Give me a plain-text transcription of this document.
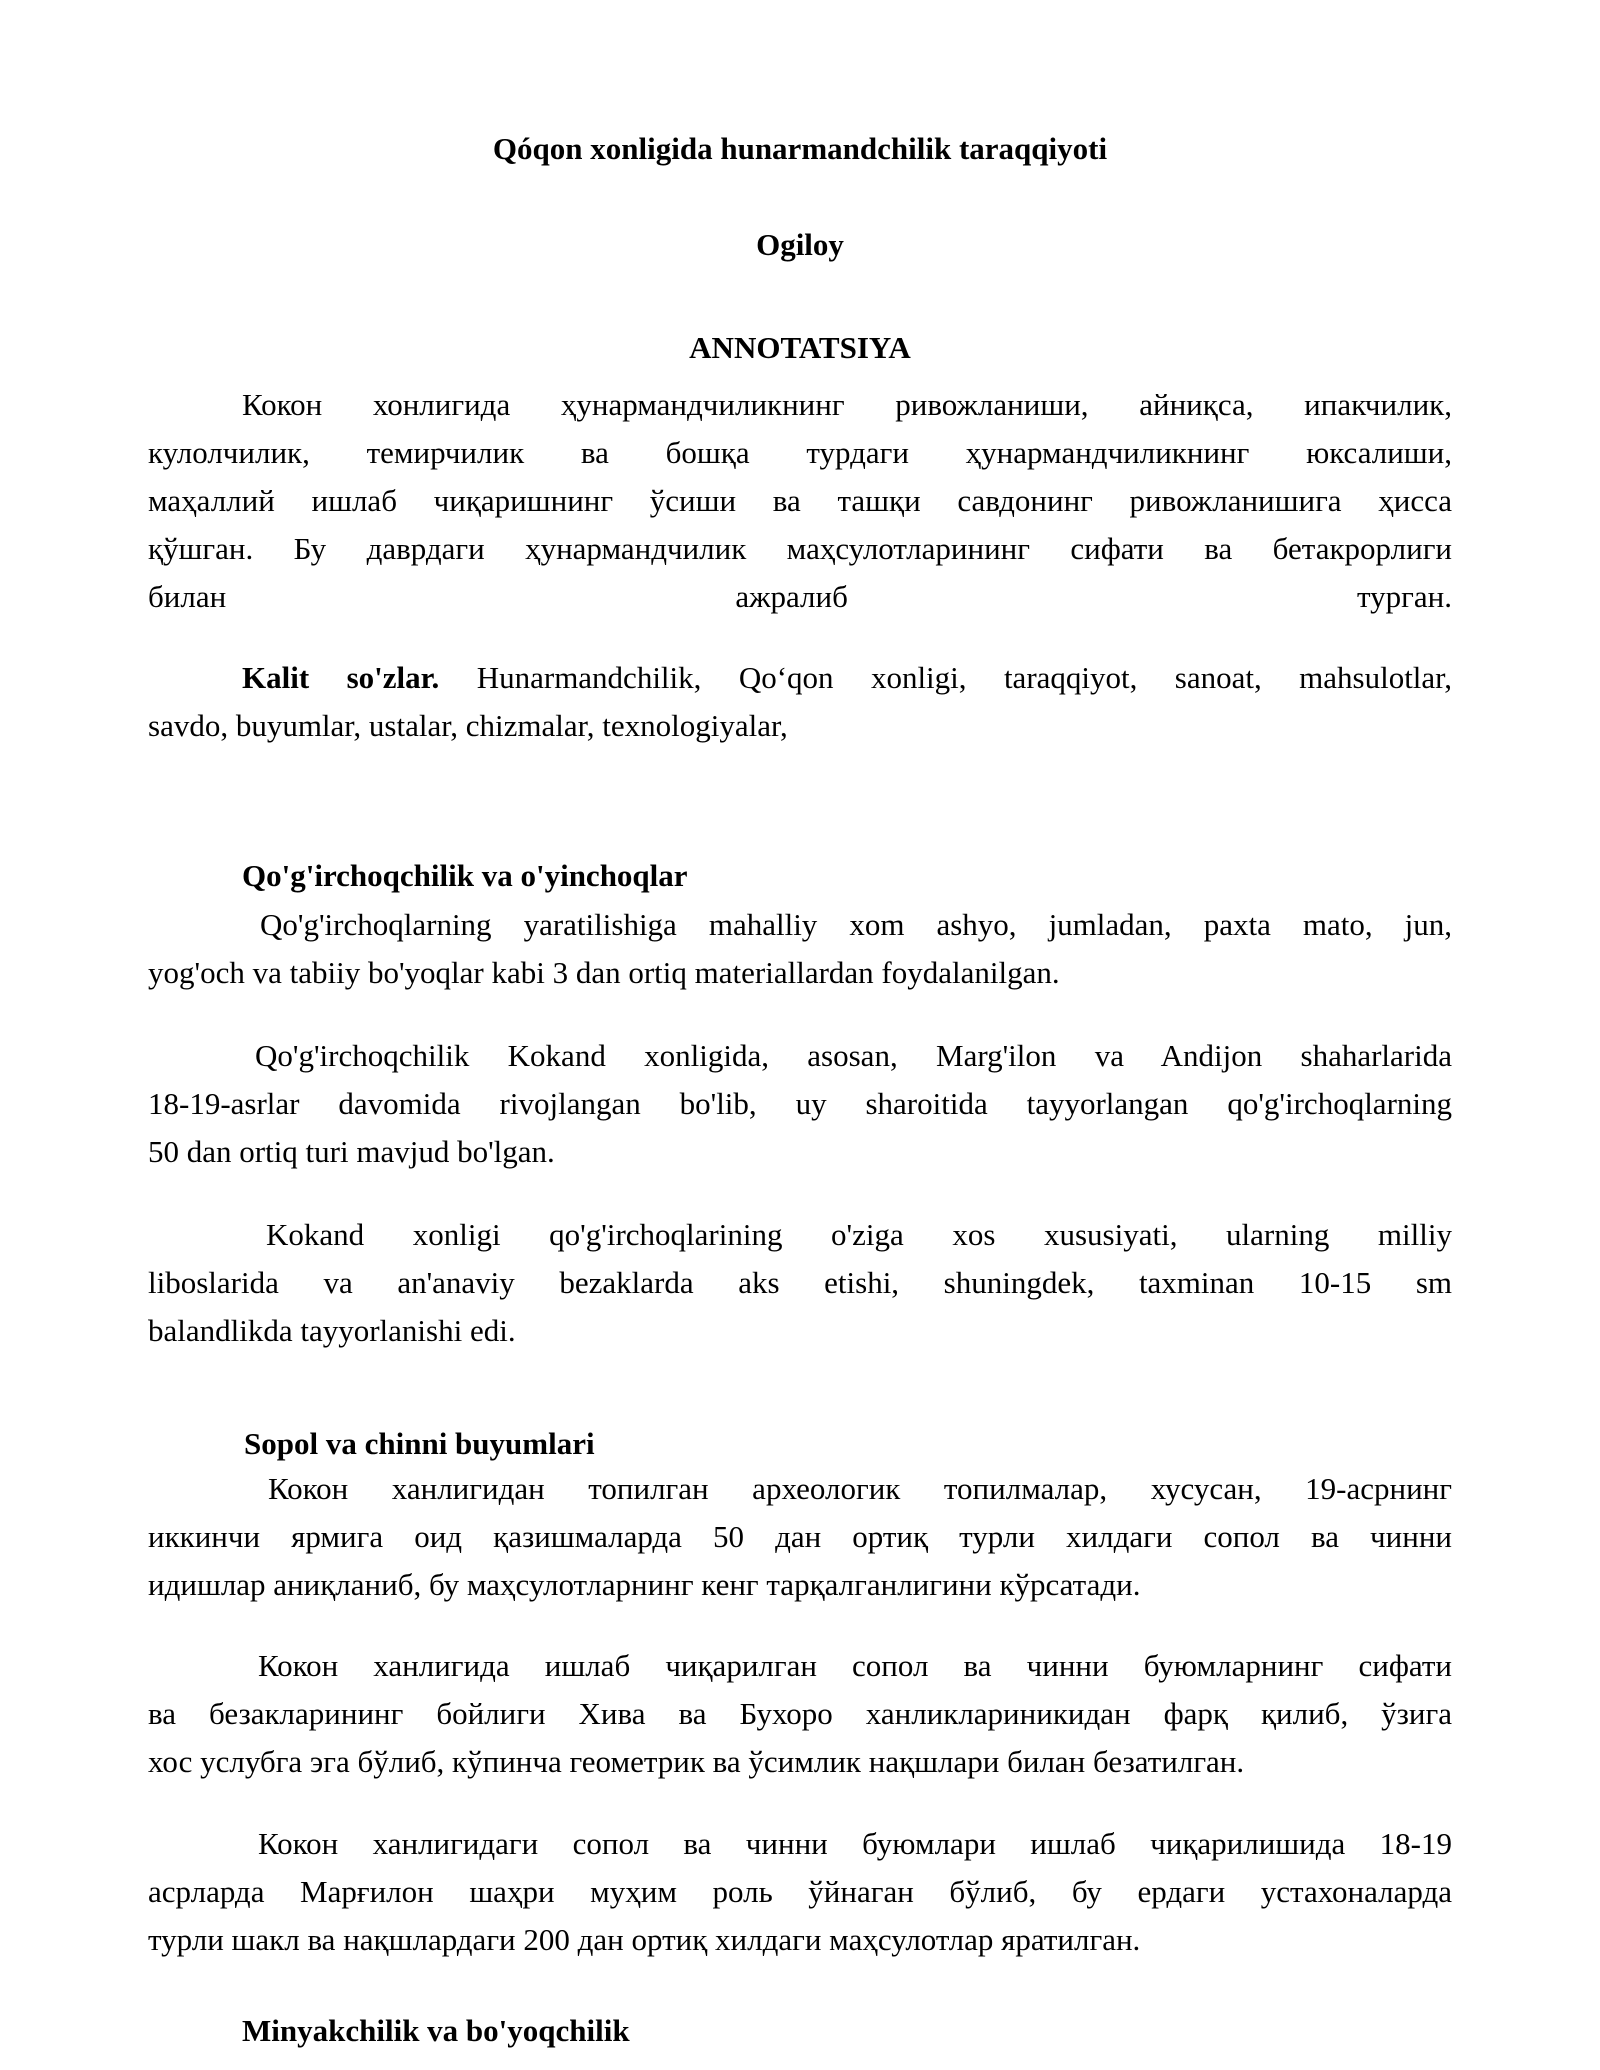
Qóqon xonligida hunarmandchilik taraqqiyoti
Ogiloy
ANNOTATSIYA
Кокон хонлигида ҳунармандчиликнинг ривожланиши, айниқса, ипакчилик,
кулолчилик, темирчилик ва бошқа турдаги ҳунармандчиликнинг юксалиши,
маҳаллий ишлаб чиқаришнинг ўсиши ва ташқи савдонинг ривожланишига ҳисса
қўшган. Бу даврдаги ҳунармандчилик маҳсулотларининг сифати ва бетакрорлиги
билан ажралиб турган.
Kalit so'zlar. Hunarmandchilik, Qo‘qon xonligi, taraqqiyot, sanoat, mahsulotlar,
savdo, buyumlar, ustalar, chizmalar, texnologiyalar,
Qo'g'irchoqchilik va o'yinchoqlar
Qo'g'irchoqlarning yaratilishiga mahalliy xom ashyo, jumladan, paxta mato, jun,
yog'och va tabiiy bo'yoqlar kabi 3 dan ortiq materiallardan foydalanilgan.
Qo'g'irchoqchilik Kokand xonligida, asosan, Marg'ilon va Andijon shaharlarida
18-19-asrlar davomida rivojlangan bo'lib, uy sharoitida tayyorlangan qo'g'irchoqlarning
50 dan ortiq turi mavjud bo'lgan.
Kokand xonligi qo'g'irchoqlarining o'ziga xos xususiyati, ularning milliy
liboslarida va an'anaviy bezaklarda aks etishi, shuningdek, taxminan 10-15 sm
balandlikda tayyorlanishi edi.
Sopol va chinni buyumlari
Кокон ханлигидан топилган археологик топилмалар, хусусан, 19-асрнинг
иккинчи ярмига оид қазишмаларда 50 дан ортиқ турли хилдаги сопол ва чинни
идишлар аниқланиб, бу маҳсулотларнинг кенг тарқалганлигини кўрсатади.
Кокон ханлигида ишлаб чиқарилган сопол ва чинни буюмларнинг сифати
ва безакларининг бойлиги Хива ва Бухоро ханликлариникидан фарқ қилиб, ўзига
хос услубга эга бўлиб, кўпинча геометрик ва ўсимлик нақшлари билан безатилган.
Кокон ханлигидаги сопол ва чинни буюмлари ишлаб чиқарилишида 18-19
асрларда Марғилон шаҳри муҳим роль ўйнаган бўлиб, бу ердаги устахоналарда
турли шакл ва нақшлардаги 200 дан ортиқ хилдаги маҳсулотлар яратилган.
Minyakchilik va bo'yoqchilik
